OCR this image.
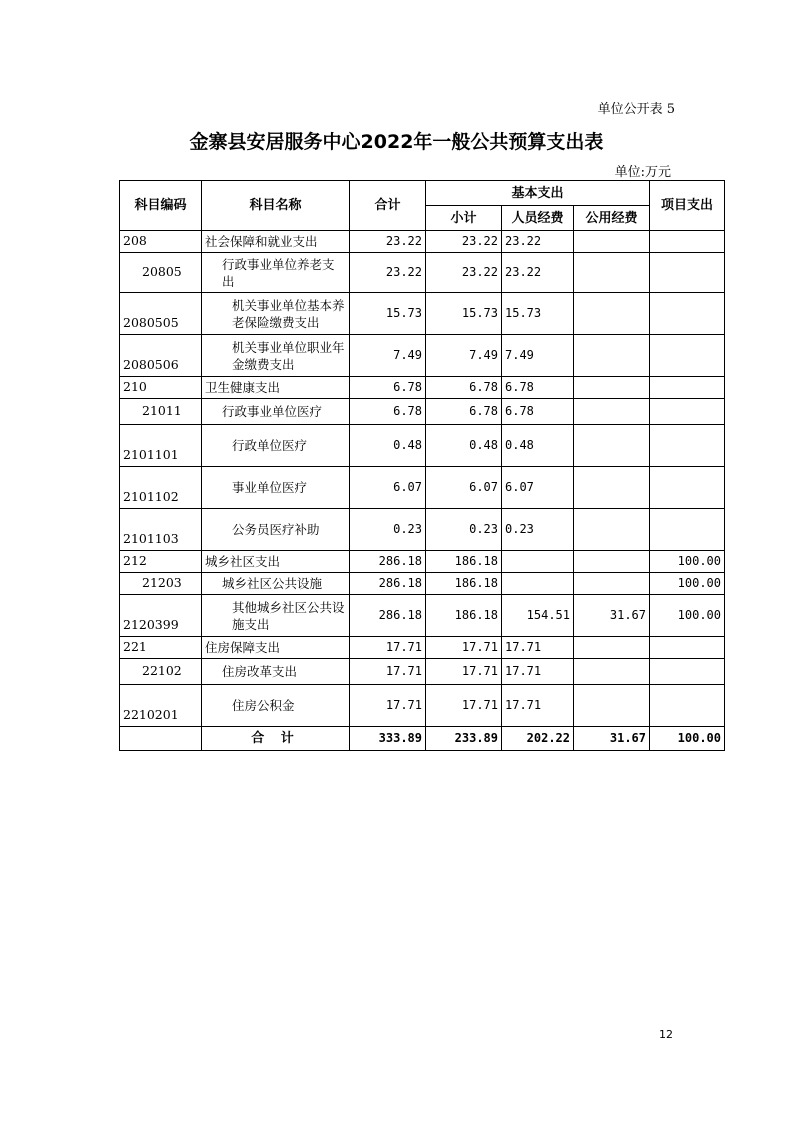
单位公开表 5
金寨县安居服务中心2022年一般公共预算支出表
单位:万元
科目编码	科目名称	合计	基本支出			项目支出
			小计	人员经费	公用经费	
208	社会保障和就业支出	23.22	23.22	23.22		
20805	行政事业单位养老支出	23.22	23.22	23.22		
2080505	机关事业单位基本养老保险缴费支出	15.73	15.73	15.73		
2080506	机关事业单位职业年金缴费支出	7.49	7.49	7.49		
210	卫生健康支出	6.78	6.78	6.78		
21011	行政事业单位医疗	6.78	6.78	6.78		
2101101	行政单位医疗	0.48	0.48	0.48		
2101102	事业单位医疗	6.07	6.07	6.07		
2101103	公务员医疗补助	0.23	0.23	0.23		
212	城乡社区支出	286.18	186.18			100.00
21203	城乡社区公共设施	286.18	186.18			100.00
2120399	其他城乡社区公共设施支出	286.18	186.18	154.51	31.67	100.00
221	住房保障支出	17.71	17.71	17.71		
22102	住房改革支出	17.71	17.71	17.71		
2210201	住房公积金	17.71	17.71	17.71		
	合 计	333.89	233.89	202.22	31.67	100.00
12
